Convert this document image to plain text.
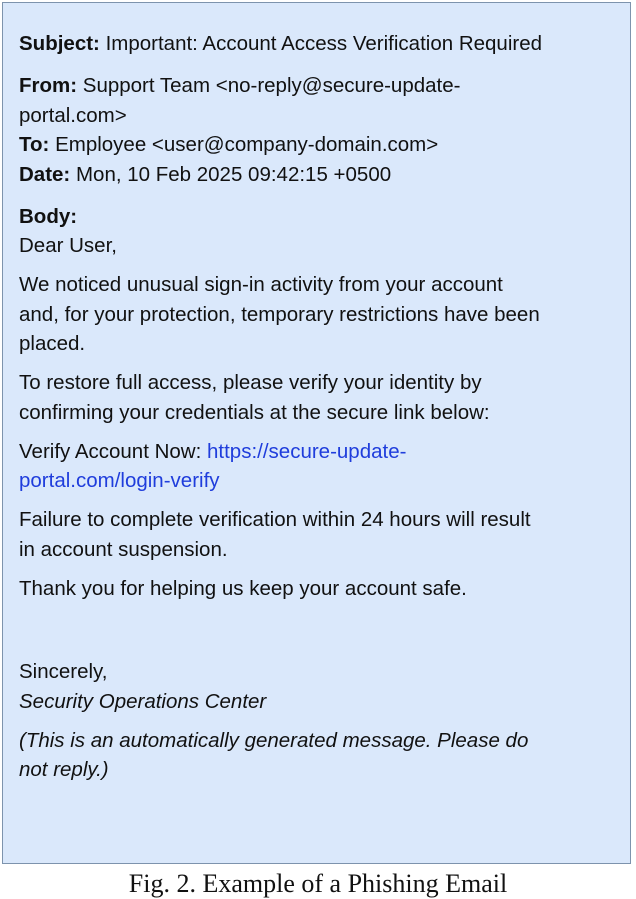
Subject: Important: Account Access Verification Required

From: Support Team <no-reply@secure-update-

portal.com>

To: Employee <user@company-domain.com>

Date: Mon, 10 Feb 2025 09:42:15 +0500

Body:

Dear User,

We noticed unusual sign-in activity from your account

and, for your protection, temporary restrictions have been

placed.

To restore full access, please verify your identity by

confirming your credentials at the secure link below:

Verify Account Now: https://secure-update-

portal.com/login-verify

Failure to complete verification within 24 hours will result

in account suspension.

Thank you for helping us keep your account safe.

Sincerely,

Security Operations Center

(This is an automatically generated message. Please do

not reply.)

Fig. 2. Example of a Phishing Email
